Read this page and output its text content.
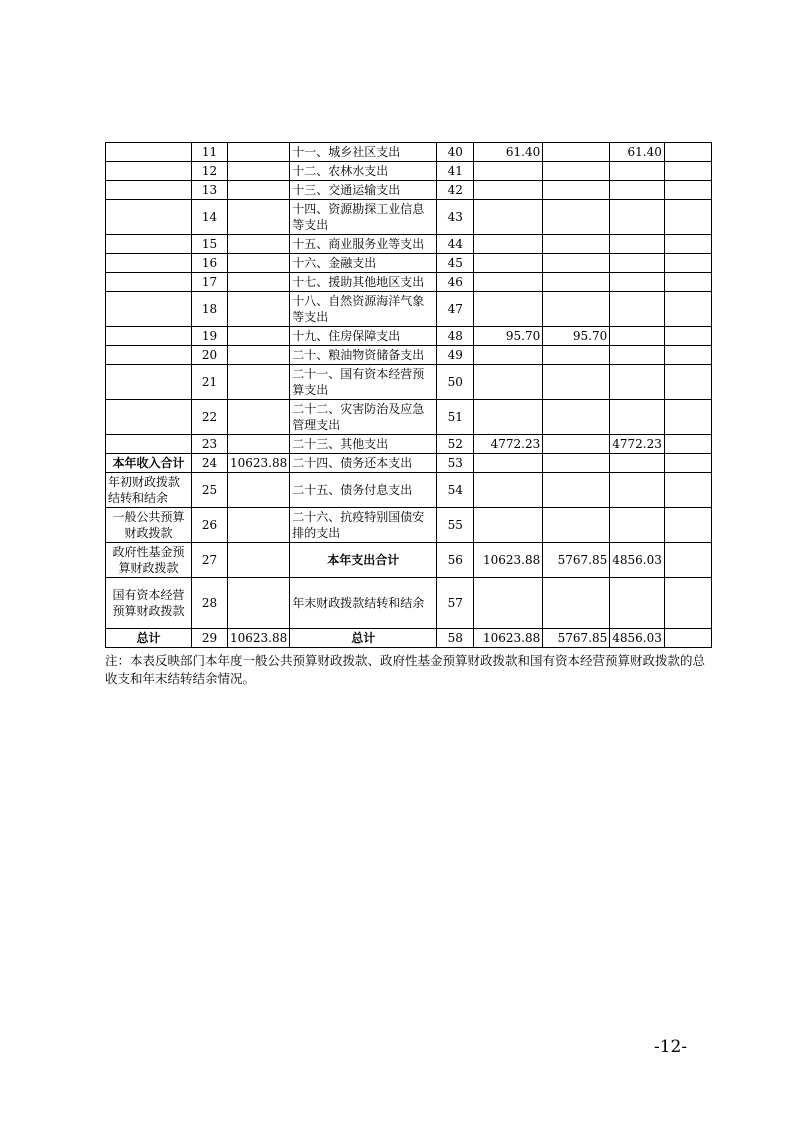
	11		十一、城乡社区支出	40	61.40		61.40	
	12		十二、农林水支出	41				
	13		十三、交通运输支出	42				
	14		十四、资源勘探工业信息等支出	43				
	15		十五、商业服务业等支出	44				
	16		十六、金融支出	45				
	17		十七、援助其他地区支出	46				
	18		十八、自然资源海洋气象等支出	47				
	19		十九、住房保障支出	48	95.70	95.70		
	20		二十、粮油物资储备支出	49				
	21		二十一、国有资本经营预算支出	50				
	22		二十二、灾害防治及应急管理支出	51				
	23		二十三、其他支出	52	4772.23		4772.23	
本年收入合计	24	10623.88	二十四、债务还本支出	53				
年初财政拨款结转和结余	25		二十五、债务付息支出	54				
一般公共预算财政拨款	26		二十六、抗疫特别国债安排的支出	55				
政府性基金预算财政拨款	27		本年支出合计	56	10623.88	5767.85	4856.03	
国有资本经营预算财政拨款	28		年末财政拨款结转和结余	57				
总计	29	10623.88	总计	58	10623.88	5767.85	4856.03	
注：本表反映部门本年度一般公共预算财政拨款、政府性基金预算财政拨款和国有资本经营预算财政拨款的总收支和年末结转结余情况。
-12-
